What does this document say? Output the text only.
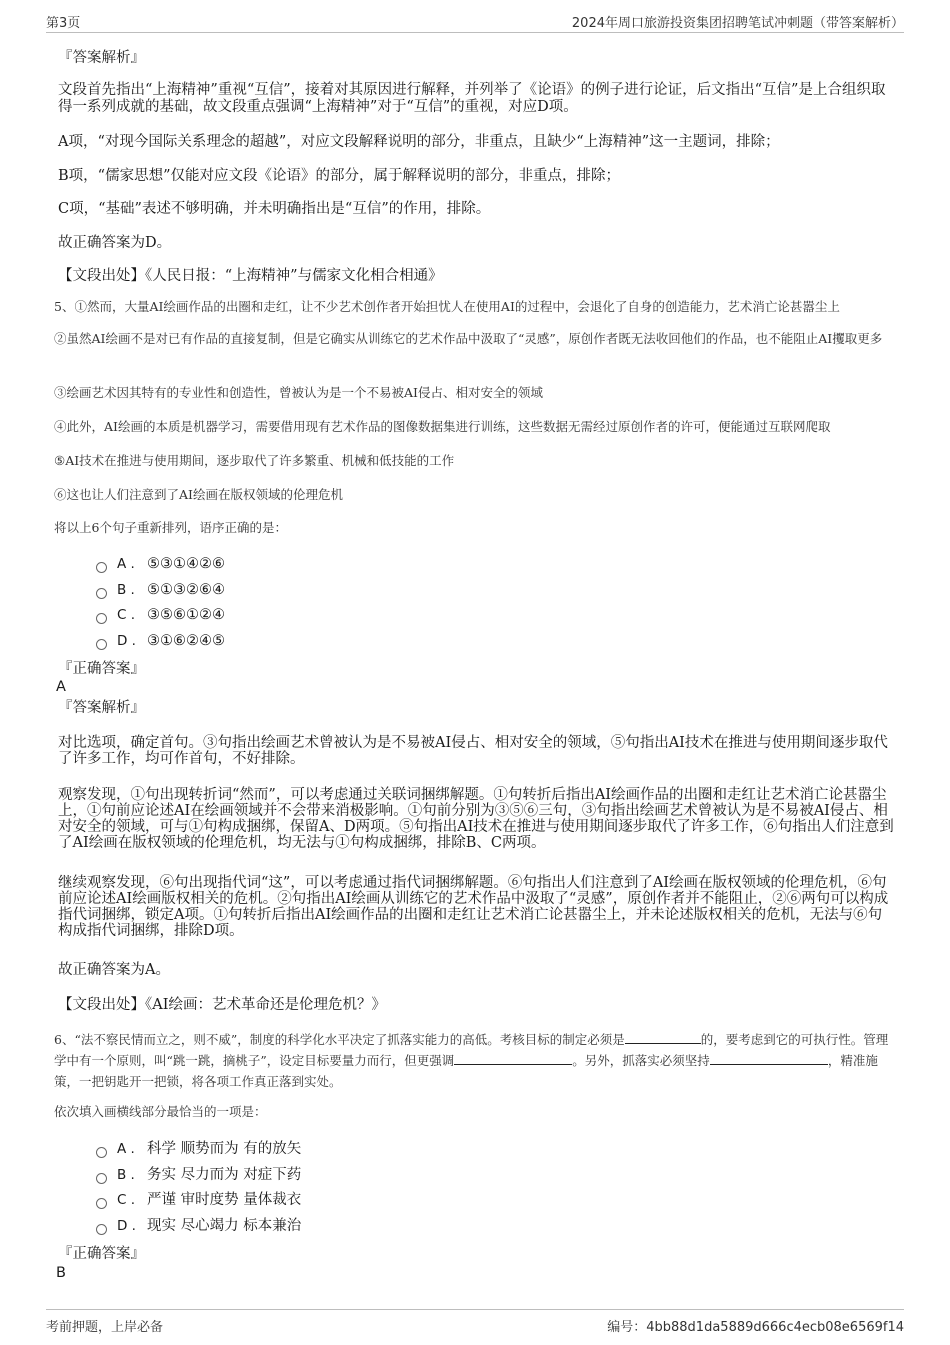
第3页	2024年周口旅游投资集团招聘笔试冲刺题（带答案解析）

『答案解析』

文段首先指出“上海精神”重视“互信”，接着对其原因进行解释，并列举了《论语》的例子进行论证，后文指出“互信”是上合组织取得一系列成就的基础，故文段重点强调“上海精神”对于“互信”的重视，对应D项。

A项，“对现今国际关系理念的超越”，对应文段解释说明的部分，非重点，且缺少“上海精神”这一主题词，排除；

B项，“儒家思想”仅能对应文段《论语》的部分，属于解释说明的部分，非重点，排除；

C项，“基础”表述不够明确，并未明确指出是“互信”的作用，排除。

故正确答案为D。

【文段出处】《人民日报：“上海精神”与儒家文化相合相通》

5、①然而，大量AI绘画作品的出圈和走红，让不少艺术创作者开始担忧人在使用AI的过程中，会退化了自身的创造能力，艺术消亡论甚嚣尘上

②虽然AI绘画不是对已有作品的直接复制，但是它确实从训练它的艺术作品中汲取了“灵感”，原创作者既无法收回他们的作品，也不能阻止AI攫取更多

③绘画艺术因其特有的专业性和创造性，曾被认为是一个不易被AI侵占、相对安全的领域

④此外，AI绘画的本质是机器学习，需要借用现有艺术作品的图像数据集进行训练，这些数据无需经过原创作者的许可，便能通过互联网爬取

⑤AI技术在推进与使用期间，逐步取代了许多繁重、机械和低技能的工作

⑥这也让人们注意到了AI绘画在版权领域的伦理危机

将以上6个句子重新排列，语序正确的是：

A . ⑤③①④②⑥
B . ⑤①③②⑥④
C . ③⑤⑥①②④
D . ③①⑥②④⑤

『正确答案』

A

『答案解析』

对比选项，确定首句。③句指出绘画艺术曾被认为是不易被AI侵占、相对安全的领域，⑤句指出AI技术在推进与使用期间逐步取代了许多工作，均可作首句，不好排除。

观察发现，①句出现转折词“然而”，可以考虑通过关联词捆绑解题。①句转折后指出AI绘画作品的出圈和走红让艺术消亡论甚嚣尘上，①句前应论述AI在绘画领域并不会带来消极影响。①句前分别为③⑤⑥三句，③句指出绘画艺术曾被认为是不易被AI侵占、相对安全的领域，可与①句构成捆绑，保留A、D两项。⑤句指出AI技术在推进与使用期间逐步取代了许多工作，⑥句指出人们注意到了AI绘画在版权领域的伦理危机，均无法与①句构成捆绑，排除B、C两项。

继续观察发现，⑥句出现指代词“这”，可以考虑通过指代词捆绑解题。⑥句指出人们注意到了AI绘画在版权领域的伦理危机，⑥句前应论述AI绘画版权相关的危机。②句指出AI绘画从训练它的艺术作品中汲取了“灵感”，原创作者并不能阻止，②⑥两句可以构成指代词捆绑，锁定A项。①句转折后指出AI绘画作品的出圈和走红让艺术消亡论甚嚣尘上，并未论述版权相关的危机，无法与⑥句构成指代词捆绑，排除D项。

故正确答案为A。

【文段出处】《AI绘画：艺术革命还是伦理危机？》

6、“法不察民情而立之，则不威”，制度的科学化水平决定了抓落实能力的高低。考核目标的制定必须是	的，要考虑到它的可执行性。管理学中有一个原则，叫“跳一跳，摘桃子”，设定目标要量力而行，但更强调	。另外，抓落实必须坚持	，精准施策，一把钥匙开一把锁，将各项工作真正落到实处。

依次填入画横线部分最恰当的一项是：

A . 科学 顺势而为 有的放矢
B . 务实 尽力而为 对症下药
C . 严谨 审时度势 量体裁衣
D . 现实 尽心竭力 标本兼治

『正确答案』

B

考前押题，上岸必备	编号：4bb88d1da5889d666c4ecb08e6569f14
